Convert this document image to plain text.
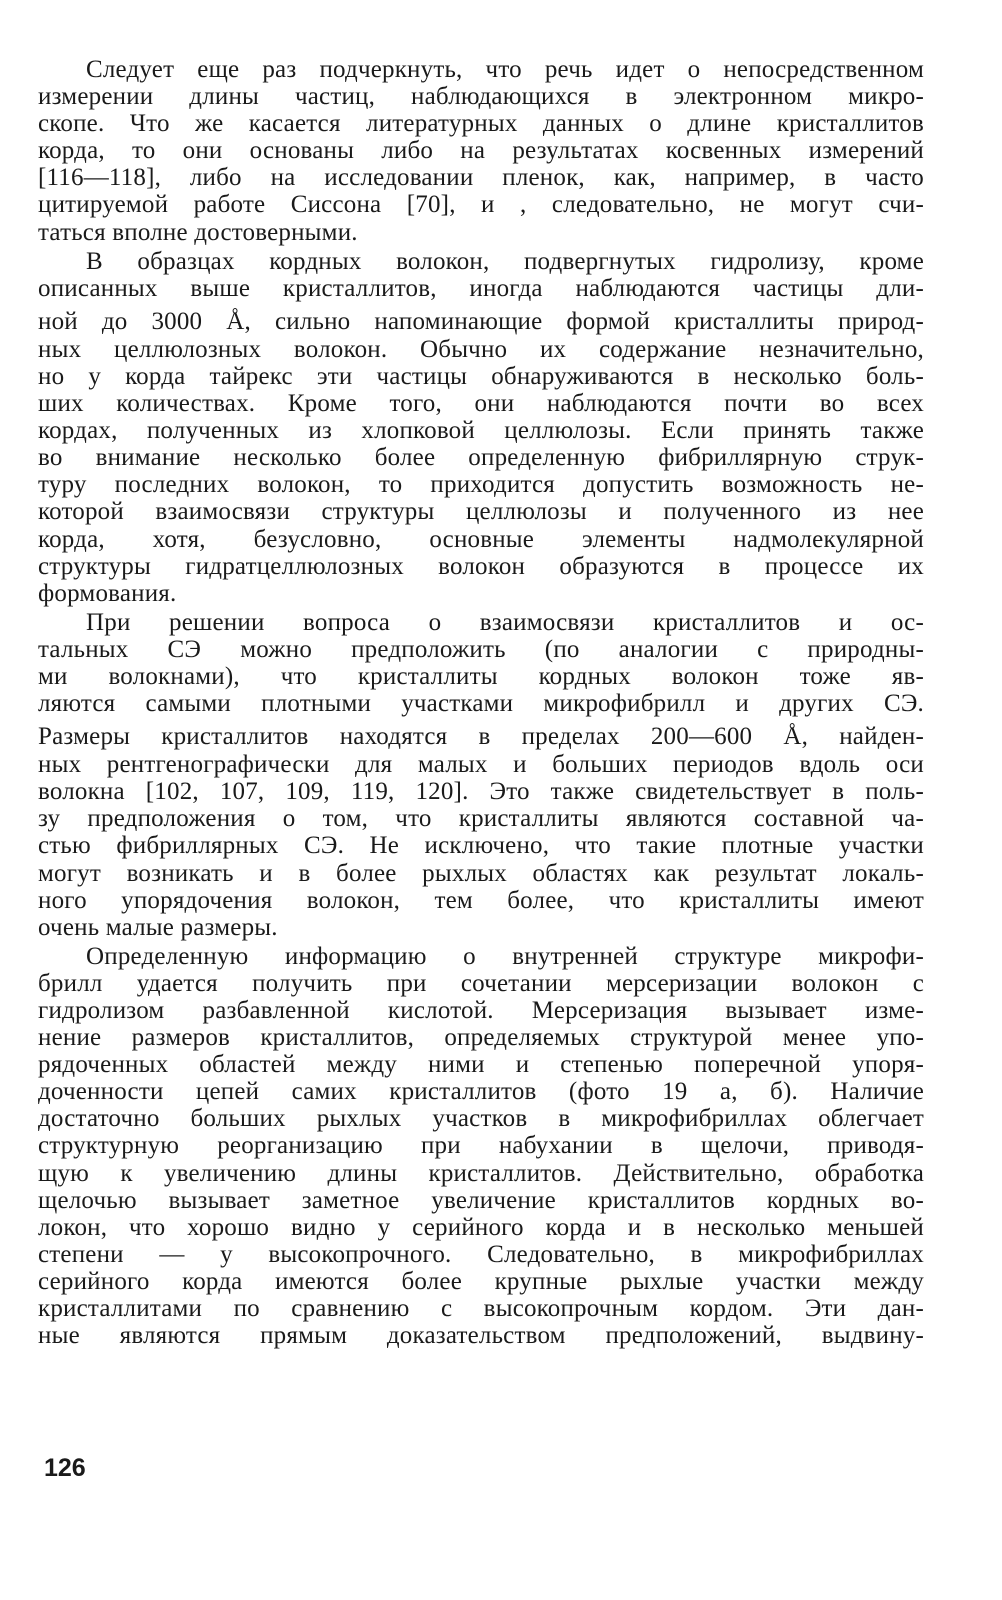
Следует еще раз подчеркнуть, что речь идет о непосредственном
измерении длины частиц, наблюдающихся в электронном микро-
скопе. Что же касается литературных данных о длине кристаллитов
корда, то они основаны либо на результатах косвенных измерений
[116—118], либо на исследовании пленок, как, например, в часто
цитируемой работе Сиссона [70], и , следовательно, не могут счи-
таться вполне достоверными.
В образцах кордных волокон, подвергнутых гидролизу, кроме
описанных выше кристаллитов, иногда наблюдаются частицы дли-
ной до 3000 Å, сильно напоминающие формой кристаллиты природ-
ных целлюлозных волокон. Обычно их содержание незначительно,
но у корда тайрекс эти частицы обнаруживаются в несколько боль-
ших количествах. Кроме того, они наблюдаются почти во всех
кордах, полученных из хлопковой целлюлозы. Если принять также
во внимание несколько более определенную фибриллярную струк-
туру последних волокон, то приходится допустить возможность не-
которой взаимосвязи структуры целлюлозы и полученного из нее
корда, хотя, безусловно, основные элементы надмолекулярной
структуры гидратцеллюлозных волокон образуются в процессе их
формования.
При решении вопроса о взаимосвязи кристаллитов и ос-
тальных СЭ можно предположить (по аналогии с природны-
ми волокнами), что кристаллиты кордных волокон тоже яв-
ляются самыми плотными участками микрофибрилл и других СЭ.
Размеры кристаллитов находятся в пределах 200—600 Å, найден-
ных рентгенографически для малых и больших периодов вдоль оси
волокна [102, 107, 109, 119, 120]. Это также свидетельствует в поль-
зу предположения о том, что кристаллиты являются составной ча-
стью фибриллярных СЭ. Не исключено, что такие плотные участки
могут возникать и в более рыхлых областях как результат локаль-
ного упорядочения волокон, тем более, что кристаллиты имеют
очень малые размеры.
Определенную информацию о внутренней структуре микрофи-
брилл удается получить при сочетании мерсеризации волокон с
гидролизом разбавленной кислотой. Мерсеризация вызывает изме-
нение размеров кристаллитов, определяемых структурой менее упо-
рядоченных областей между ними и степенью поперечной упоря-
доченности цепей самих кристаллитов (фото 19 а, б). Наличие
достаточно больших рыхлых участков в микрофибриллах облегчает
структурную реорганизацию при набухании в щелочи, приводя-
щую к увеличению длины кристаллитов. Действительно, обработка
щелочью вызывает заметное увеличение кристаллитов кордных во-
локон, что хорошо видно у серийного корда и в несколько меньшей
степени — у высокопрочного. Следовательно, в микрофибриллах
серийного корда имеются более крупные рыхлые участки между
кристаллитами по сравнению с высокопрочным кордом. Эти дан-
ные являются прямым доказательством предположений, выдвину-
126
